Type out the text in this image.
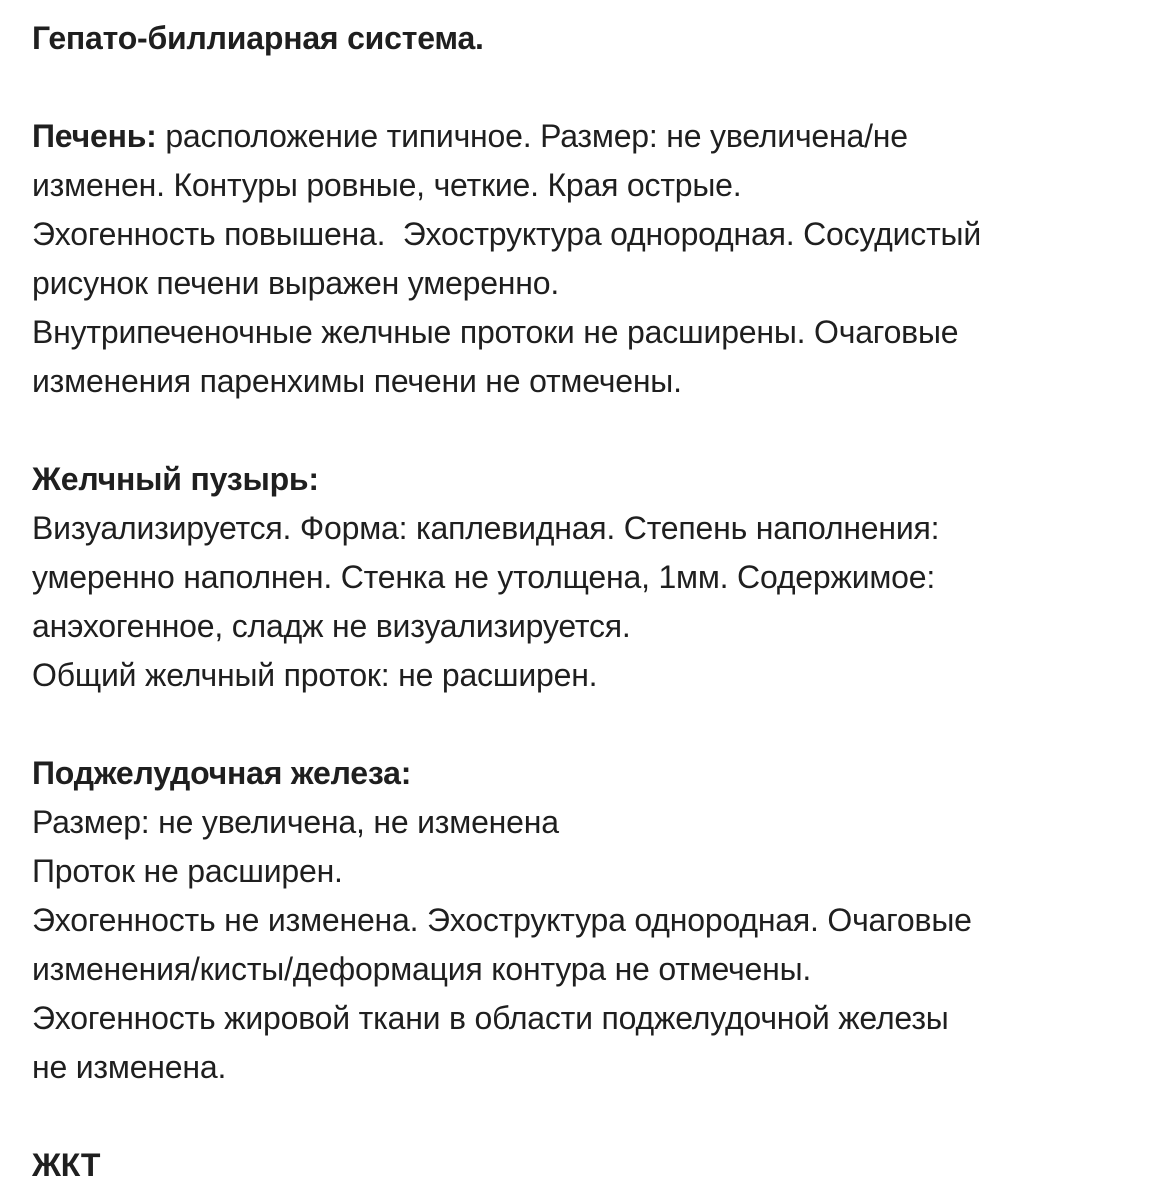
Гепато-биллиарная система.
Печень: расположение типичное. Размер: не увеличена/не
изменен. Контуры ровные, четкие. Края острые.
Эхогенность повышена.  Эхоструктура однородная. Сосудистый
рисунок печени выражен умеренно.
Внутрипеченочные желчные протоки не расширены. Очаговые
изменения паренхимы печени не отмечены.
Желчный пузырь:
Визуализируется. Форма: каплевидная. Степень наполнения:
умеренно наполнен. Стенка не утолщена, 1мм. Содержимое:
анэхогенное, сладж не визуализируется.
Общий желчный проток: не расширен.
Поджелудочная железа:
Размер: не увеличена, не изменена
Проток не расширен.
Эхогенность не изменена. Эхоструктура однородная. Очаговые
изменения/кисты/деформация контура не отмечены.
Эхогенность жировой ткани в области поджелудочной железы
не изменена.
ЖКТ
